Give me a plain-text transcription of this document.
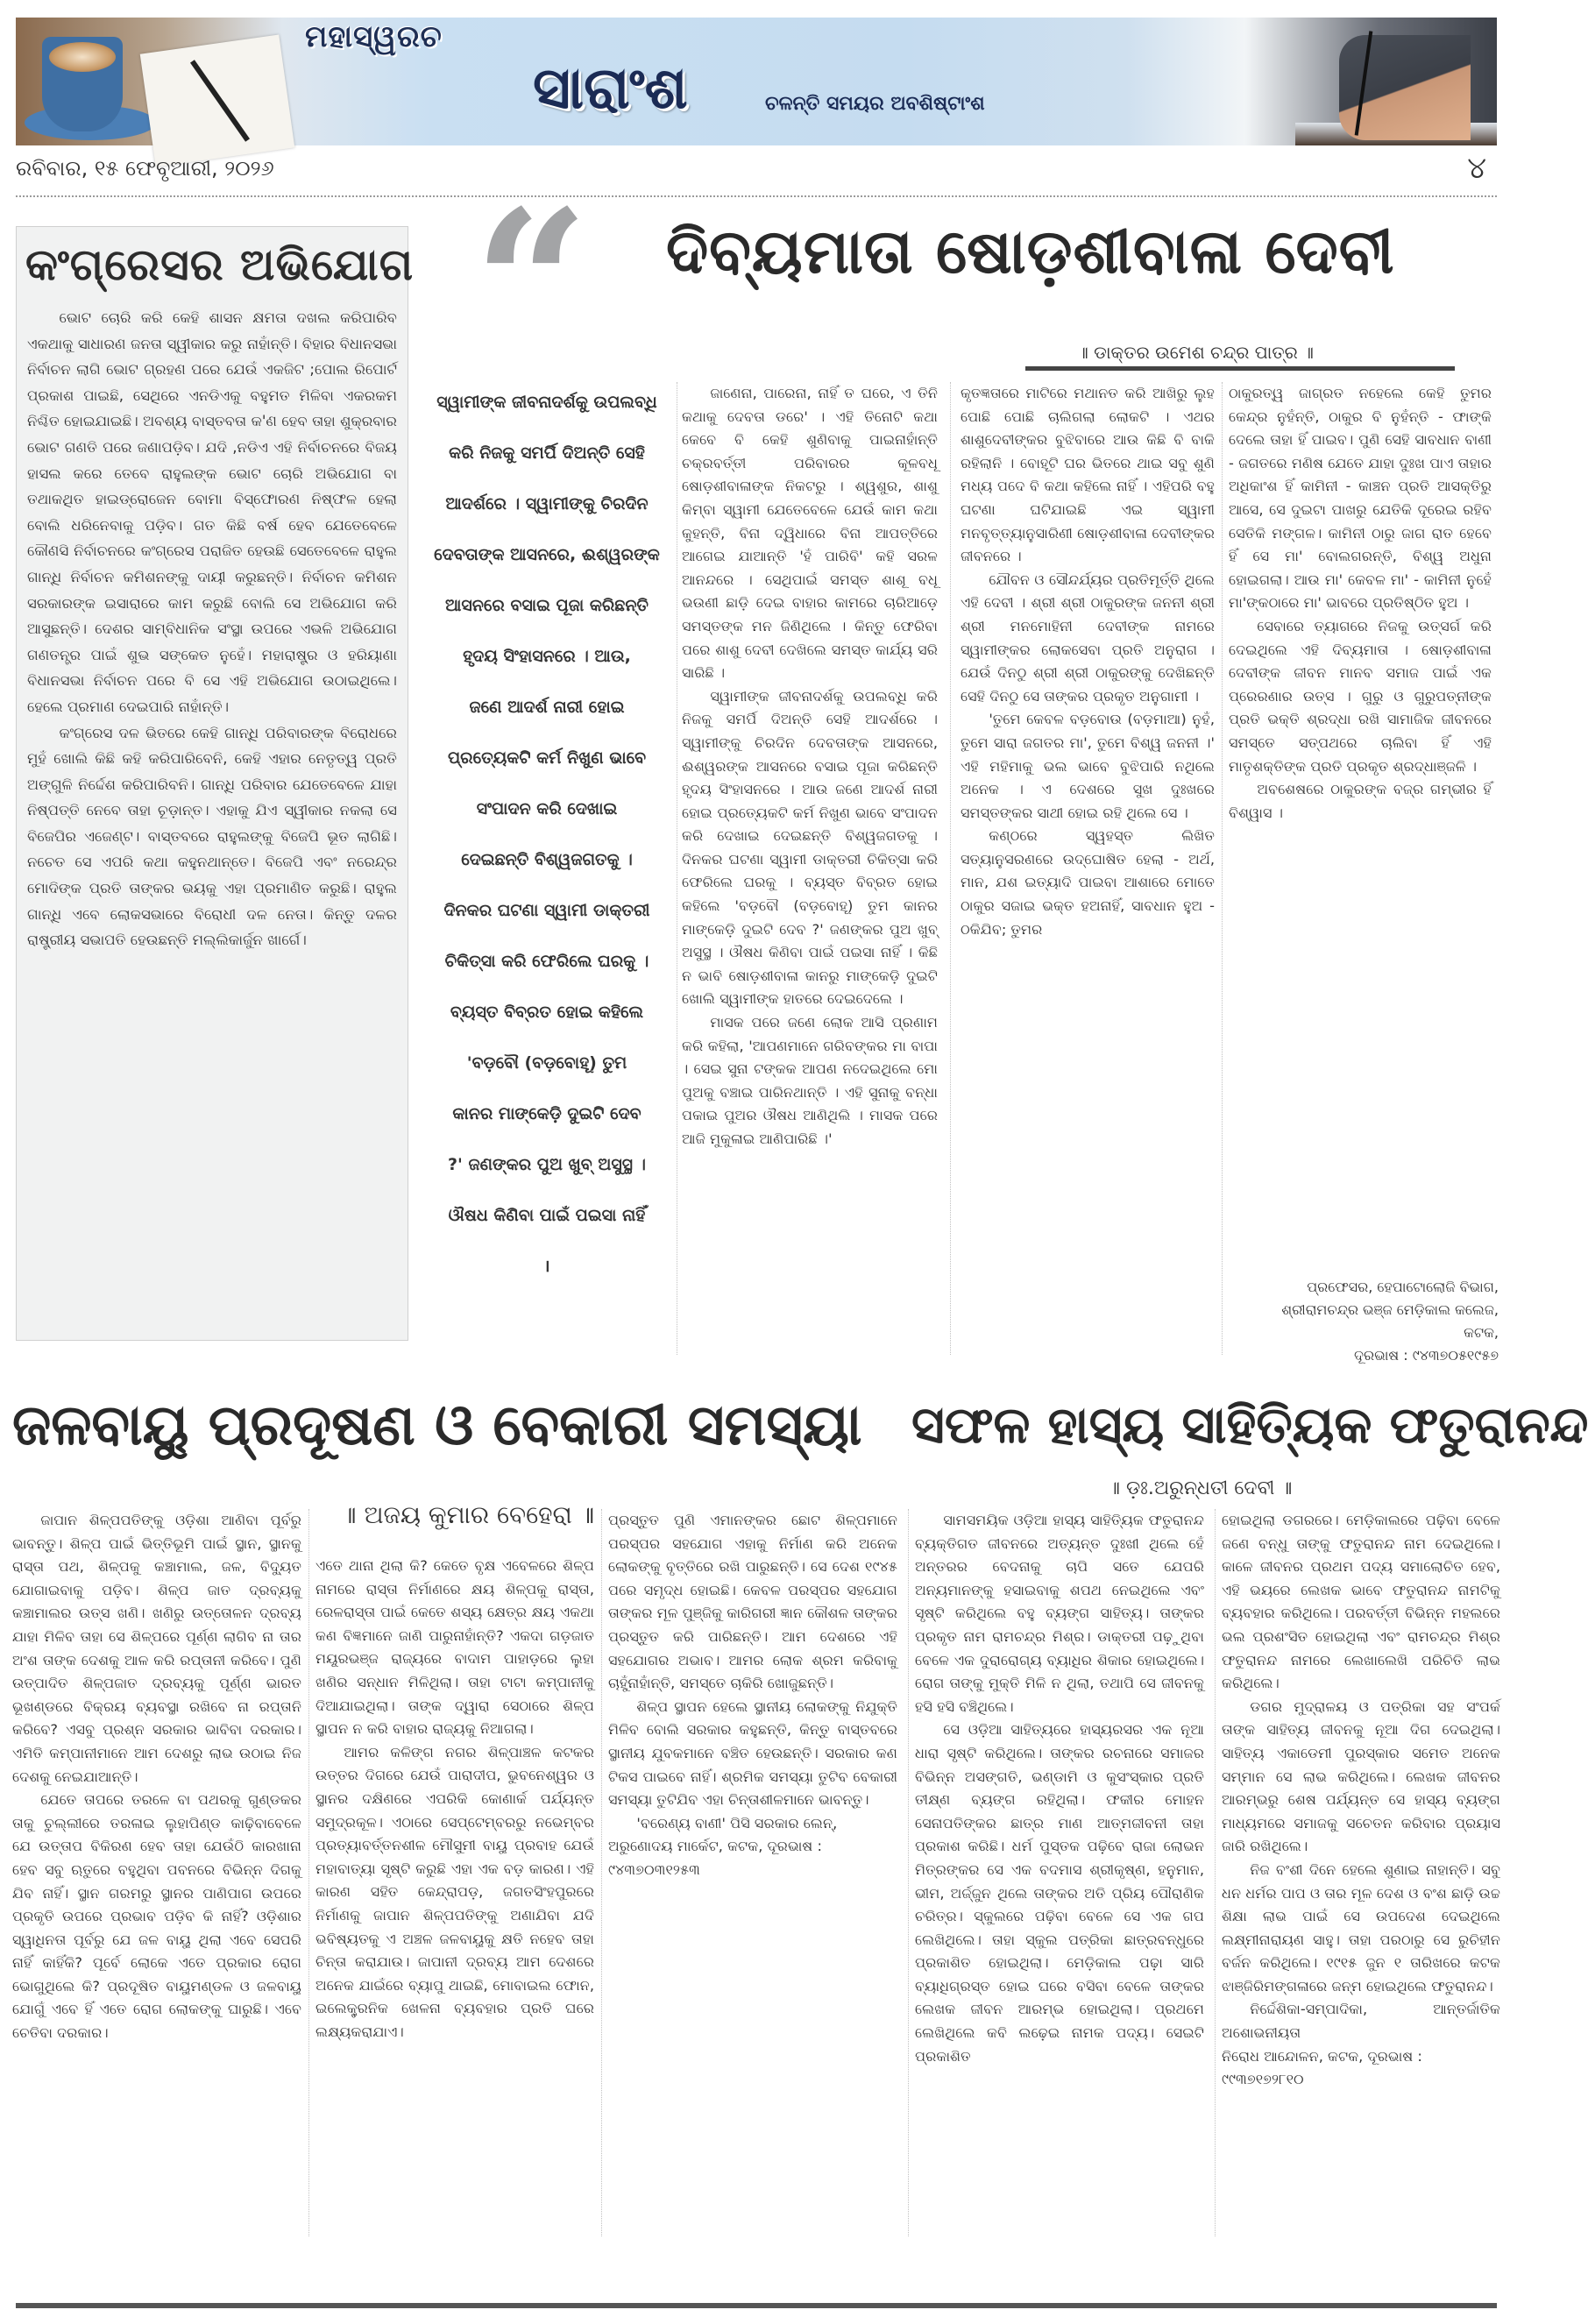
ମହାସ୍ୱରଚ
ସାରାଂଶ	ଚଳନ୍ତି ସମୟର ଅବଶିଷ୍ଟାଂଶ
ରବିବାର, ୧୫ ଫେବୃଆରୀ, ୨୦୨୬	୪
କଂଗ୍ରେସର ଅଭିଯୋଗ

ଭୋଟ ଚୋରି କରି କେହି ଶାସନ କ୍ଷମତା ଦଖଲ କରିପାରିବ ଏକଥାକୁ ସାଧାରଣ ଜନତା ସ୍ୱୀକାର କରୁ ନାହାଁନ୍ତି। ବିହାର ବିଧାନସଭା ନିର୍ବାଚନ ଲାଗି ଭୋଟ ଗ୍ରହଣ ପରେ ଯେଉଁ ଏକଜିଟ ;ପୋଲ ରିପୋର୍ଟ ପ୍ରକାଶ ପାଇଛି, ସେଥିରେ ଏନଡିଏକୁ ବହୁମତ ମିଳିବା ଏକରକମ ନିଶ୍ଚିତ ହୋଇଯାଇଛି। ଅବଶ୍ୟ ବାସ୍ତବତା କ'ଣ ହେବ ତାହା ଶୁକ୍ରବାର ଭୋଟ ଗଣତି ପରେ ଜଣାପଡ଼ିବ। ଯଦି ,ନଡିଏ ଏହି ନିର୍ବାଚନରେ ବିଜୟ ହାସଲ କରେ ତେବେ ରାହୁଲଙ୍କ ଭୋଟ ଚୋରି ଅଭିଯୋଗ ବା ତଥାକଥିତ ହାଇଡ୍ରୋଜେନ ବୋମା ବିସ୍ଫୋରଣ ନିଷ୍ଫଳ ହେଲା ବୋଲି ଧରିନେବାକୁ ପଡ଼ିବ। ଗତ କିଛି ବର୍ଷ ହେବ ଯେତେବେଳେ କୌଣସି ନିର୍ବାଚନରେ କଂଗ୍ରେସ ପରାଜିତ ହେଉଛି ସେତେବେଳେ ରାହୁଲ ଗାନ୍ଧି ନିର୍ବାଚନ କମିଶନଙ୍କୁ ଦାୟୀ କରୁଛନ୍ତି। ନିର୍ବାଚନ କମିଶନ ସରକାରଙ୍କ ଇସାରାରେ କାମ କରୁଛି ବୋଲି ସେ ଅଭିଯୋଗ କରି ଆସୁଛନ୍ତି। ଦେଶର ସାମ୍ବିଧାନିକ ସଂସ୍ଥା ଉପରେ ଏଭଳି ଅଭିଯୋଗ ଗଣତନ୍ତ୍ର ପାଇଁ ଶୁଭ ସଙ୍କେତ ନୁହେଁ। ମହାରାଷ୍ଟ୍ର ଓ ହରିୟାଣା ବିଧାନସଭା ନିର୍ବାଚନ ପରେ ବି ସେ ଏହି ଅଭିଯୋଗ ଉଠାଇଥିଲେ। ହେଲେ ପ୍ରମାଣ ଦେଇପାରି ନାହାଁନ୍ତି।

କଂଗ୍ରେସ ଦଳ ଭିତରେ କେହି ଗାନ୍ଧି ପରିବାରଙ୍କ ବିରୋଧରେ ମୁହଁ ଖୋଲି କିଛି କହି କରିପାରିବେନି, କେହି ଏହାର ନେତୃତ୍ୱ ପ୍ରତି ଅଙ୍ଗୁଳି ନିର୍ଦ୍ଦେଶ କରିପାରିବନି। ଗାନ୍ଧି ପରିବାର ଯେତେବେଳେ ଯାହା ନିଷ୍ପତ୍ତି ନେବେ ତାହା ଚୂଡ଼ାନ୍ତ। ଏହାକୁ ଯିଏ ସ୍ୱୀକାର ନକଲା ସେ ବିଜେପିର ଏଜେଣ୍ଟ। ବାସ୍ତବରେ ରାହୁଲଙ୍କୁ ବିଜେପି ଭୂତ ଲାଗିଛି। ନଚେତ ସେ ଏପରି କଥା କହୁନଥାନ୍ତେ। ବିଜେପି ଏବଂ ନରେନ୍ଦ୍ର ମୋଦିଙ୍କ ପ୍ରତି ତାଙ୍କର ଭୟକୁ ଏହା ପ୍ରମାଣିତ କରୁଛି। ରାହୁଲ ଗାନ୍ଧି ଏବେ ଲୋକସଭାରେ ବିରୋଧୀ ଦଳ ନେତା। କିନ୍ତୁ ଦଳର ରାଷ୍ଟ୍ରୀୟ ସଭାପତି ହେଉଛନ୍ତି ମଲ୍ଲିକାର୍ଜୁନ ଖାର୍ଗେ।

“ ଦିବ୍ୟମାତା ଷୋଡ଼ଶୀବାଳା ଦେବୀ
॥ ଡାକ୍ତର ଉମେଶ ଚନ୍ଦ୍ର ପାତ୍ର ॥
ସ୍ୱାମୀଙ୍କ ଜୀବନାଦର୍ଶକୁ ଉପଲବ୍ଧି
କରି ନିଜକୁ ସମର୍ପି ଦିଅନ୍ତି ସେହି
ଆଦର୍ଶରେ । ସ୍ୱାମୀଙ୍କୁ ଚିରଦିନ
ଦେବତାଙ୍କ ଆସନରେ, ଈଶ୍ୱରଙ୍କ
ଆସନରେ ବସାଇ ପୂଜା କରିଛନ୍ତି
ହୃଦୟ ସିଂହାସନରେ । ଆଉ,
ଜଣେ ଆଦର୍ଶ ନାରୀ ହୋଇ
ପ୍ରତ୍ୟେକଟି କର୍ମ ନିଖୁଣ ଭାବେ
ସଂପାଦନ କରି ଦେଖାଇ
ଦେଇଛନ୍ତି ବିଶ୍ୱଜଗତକୁ ।
ଦିନକର ଘଟଣା ସ୍ୱାମୀ ଡାକ୍ତରୀ
ଚିକିତ୍ସା କରି ଫେରିଲେ ଘରକୁ ।
ବ୍ୟସ୍ତ ବିବ୍ରତ ହୋଇ କହିଲେ
'ବଡ଼ବୌ (ବଡ଼ବୋହୂ) ତୁମ
କାନର ମାଙ୍କେଡ଼ି ଦୁଇଟି ଦେବ
?' ଜଣଙ୍କର ପୁଅ ଖୁବ୍ ଅସୁସ୍ଥ ।
ଔଷଧ କିଣିବା ପାଇଁ ପଇସା ନାହିଁ
।

ଜାଣେନା, ପାରେନା, ନାହିଁ ତ ଘରେ, ଏ ତିନି କଥାକୁ ଦେବତା ଡରେ' । ଏହି ତିନୋଟି କଥା କେବେ ବି କେହି ଶୁଣିବାକୁ ପାଇନାହାଁନ୍ତି ଚକ୍ରବର୍ତ୍ତୀ ପରିବାରର କୂଳବଧୂ ଷୋଡ଼ଶୀବାଳାଙ୍କ ନିକଟରୁ । ଶ୍ୱଶୁର, ଶାଶୁ କିମ୍ବା ସ୍ୱାମୀ ଯେତେବେଳେ ଯେଉଁ କାମ କଥା କୁହନ୍ତି, ବିନା ଦ୍ୱିଧାରେ ବିନା ଆପତ୍ତିରେ ଆଗେଇ ଯାଆନ୍ତି 'ହଁ ପାରିବି' କହି ସରଳ ଆନନ୍ଦରେ । ସେଥିପାଇଁ ସମସ୍ତ ଶାଶୂ ବଧୂ ଭଉଣୀ ଛାଡ଼ି ଦେଇ ବାହାର କାମରେ ଚାରିଆଡ଼େ ସମସ୍ତଙ୍କ ମନ ଜିଣିଥିଲେ । କିନ୍ତୁ ଫେରିବା ପରେ ଶାଶୁ ଦେବୀ ଦେଖିଲେ ସମସ୍ତ କାର୍ଯ୍ୟ ସରି ସାରିଛି ।

ସ୍ୱାମୀଙ୍କ ଜୀବନାଦର୍ଶକୁ ଉପଲବ୍ଧି କରି ନିଜକୁ ସମର୍ପି ଦିଅନ୍ତି ସେହି ଆଦର୍ଶରେ । ସ୍ୱାମୀଙ୍କୁ ଚିରଦିନ ଦେବତାଙ୍କ ଆସନରେ, ଈଶ୍ୱରଙ୍କ ଆସନରେ ବସାଇ ପୂଜା କରିଛନ୍ତି ହୃଦୟ ସିଂହାସନରେ । ଆଉ ଜଣେ ଆଦର୍ଶ ନାରୀ ହୋଇ ପ୍ରତ୍ୟେକଟି କର୍ମ ନିଖୁଣ ଭାବେ ସଂପାଦନ କରି ଦେଖାଇ ଦେଇଛନ୍ତି ବିଶ୍ୱଜଗତକୁ । ଦିନକର ଘଟଣା ସ୍ୱାମୀ ଡାକ୍ତରୀ ଚିକିତ୍ସା କରି ଫେରିଲେ ଘରକୁ । ବ୍ୟସ୍ତ ବିବ୍ରତ ହୋଇ କହିଲେ 'ବଡ଼ବୌ (ବଡ଼ବୋହୂ) ତୁମ କାନର ମାଙ୍କେଡ଼ି ଦୁଇଟି ଦେବ ?' ଜଣଙ୍କର ପୁଅ ଖୁବ୍ ଅସୁସ୍ଥ । ଔଷଧ କିଣିବା ପାଇଁ ପଇସା ନାହିଁ । କିଛି ନ ଭାବି ଷୋଡ଼ଶୀବାଳା କାନରୁ ମାଙ୍କେଡ଼ି ଦୁଇଟି ଖୋଲି ସ୍ୱାମୀଙ୍କ ହାତରେ ଦେଇଦେଲେ ।

ମାସକ ପରେ ଜଣେ ଲୋକ ଆସି ପ୍ରଣାମ କରି କହିଲା, 'ଆପଣମାନେ ଗରିବଙ୍କର ମା ବାପା । ସେଇ ସୁନା ଟଙ୍କକ ଆପଣ ନଦେଇଥିଲେ ମୋ ପୁଅକୁ ବଞ୍ଚାଇ ପାରିନଥାନ୍ତି । ଏହି ସୁନାକୁ ବନ୍ଧା ପକାଇ ପୁଅର ଔଷଧ ଆଣିଥିଲି । ମାସକ ପରେ ଆଜି ମୁକୁଳାଇ ଆଣିପାରିଛି ।'

କୃତଜ୍ଞତାରେ ମାଟିରେ ମଥାନତ କରି ଆଖିରୁ ଲୁହ ପୋଛି ପୋଛି ଚାଲିଗଲା ଲୋକଟି । ଏଥର ଶାଶୁଦେବୀଙ୍କର ବୁଝିବାରେ ଆଉ କିଛି ବି ବାକି ରହିଲାନି । ବୋହୂଟି ଘର ଭିତରେ ଥାଇ ସବୁ ଶୁଣି ମଧ୍ୟ ପଦେ ବି କଥା କହିଲେ ନାହିଁ । ଏହିପରି ବହୁ ଘଟଣା ଘଟିଯାଇଛି ଏଇ ସ୍ୱାମୀ ମନବୃତ୍ତ୍ୟାନୁସାରିଣୀ ଷୋଡ଼ଶୀବାଳା ଦେବୀଙ୍କର ଜୀବନରେ ।

ଯୌବନ ଓ ସୌନ୍ଦର୍ଯ୍ୟର ପ୍ରତିମୂର୍ତ୍ତି ଥିଲେ ଏହି ଦେବୀ । ଶ୍ରୀ ଶ୍ରୀ ଠାକୁରଙ୍କ ଜନନୀ ଶ୍ରୀ ଶ୍ରୀ ମନମୋହିନୀ ଦେବୀଙ୍କ ନାମରେ ସ୍ୱାମୀଙ୍କର ଲୋକସେବା ପ୍ରତି ଅନୁରାଗ । ଯେଉଁ ଦିନଠୁ ଶ୍ରୀ ଶ୍ରୀ ଠାକୁରଙ୍କୁ ଦେଖିଛନ୍ତି ସେହି ଦିନଠୁ ସେ ତାଙ୍କର ପ୍ରକୃତ ଅନୁଗାମୀ ।

'ତୁମେ କେବଳ ବଡ଼ବୋଉ (ବଡ଼ମାଆ) ନୁହଁ, ତୁମେ ସାରା ଜଗତର ମା', ତୁମେ ବିଶ୍ୱ ଜନନୀ ।' ଏହି ମହିମାକୁ ଭଲ ଭାବେ ବୁଝିପାରି ନଥିଲେ ଅନେକ । ଏ ଦେଶରେ ସୁଖ ଦୁଃଖରେ ସମସ୍ତଙ୍କର ସାଥୀ ହୋଇ ରହି ଥିଲେ ସେ ।

କଣ୍ଠରେ ସ୍ୱହସ୍ତ ଲିଖିତ ସତ୍ୟାନୁସରଣରେ ଉଦ୍‌ଘୋଷିତ ହେଲା - ଅର୍ଥ, ମାନ, ଯଶ ଇତ୍ୟାଦି ପାଇବା ଆଶାରେ ମୋତେ ଠାକୁର ସଜାଇ ଭକ୍ତ ହଅନାହିଁ, ସାବଧାନ ହୁଅ - ଠକିଯିବ; ତୁମର

ଠାକୁରତ୍ୱ ଜାଗ୍ରତ ନହେଲେ କେହି ତୁମର କେନ୍ଦ୍ର ନୁହଁନ୍ତି, ଠାକୁର ବି ନୁହଁନ୍ତି - ଫାଙ୍କି ଦେଲେ ତାହା ହିଁ ପାଇବ। ପୁଣି ସେହି ସାବଧାନ ବାଣୀ - ଜଗତରେ ମଣିଷ ଯେତେ ଯାହା ଦୁଃଖ ପାଏ ତାହାର ଅଧିକାଂଶ ହିଁ କାମିନୀ - କାଞ୍ଚନ ପ୍ରତି ଆସକ୍ତିରୁ ଆସେ, ସେ ଦୁଇଟା ପାଖରୁ ଯେତିକି ଦୂରେଇ ରହିବ ସେତିକି ମଙ୍ଗଳ। କାମିନୀ ଠାରୁ ଜାଗ ରାତ ହେବେ ହିଁ ସେ ମା' ବୋଲଗରନ୍ତି, ବିଶ୍ୱ ଅଧୁନା ହୋଇଗଲା। ଆଉ ମା' କେବଳ ମା' - କାମିନୀ ନୁହେଁ ମା'ଙ୍କଠାରେ ମା' ଭାବରେ ପ୍ରତିଷ୍ଠିତ ହୁଅ ।

ସେବାରେ ତ୍ୟାଗରେ ନିଜକୁ ଉତ୍ସର୍ଗ କରି ଦେଇଥିଲେ ଏହି ଦିବ୍ୟମାତା । ଷୋଡ଼ଶୀବାଳା ଦେବୀଙ୍କ ଜୀବନ ମାନବ ସମାଜ ପାଇଁ ଏକ ପ୍ରେରଣାର ଉତ୍ସ । ଗୁରୁ ଓ ଗୁରୁପତ୍ନୀଙ୍କ ପ୍ରତି ଭକ୍ତି ଶ୍ରଦ୍ଧା ରଖି ସାମାଜିକ ଜୀବନରେ ସମସ୍ତେ ସତ୍‌ପଥରେ ଚାଲିବା ହିଁ ଏହି ମାତୃଶକ୍ତିଙ୍କ ପ୍ରତି ପ୍ରକୃତ ଶ୍ରଦ୍ଧାଞ୍ଜଳି ।

ଅବଶେଷରେ ଠାକୁରଙ୍କ ବଜ୍ର ଗମ୍ଭୀର ହିଁ ବିଶ୍ୱାସ ।

ପ୍ରଫେସର, ହେପାଟୋଲୋଜି ବିଭାଗ,
ଶ୍ରୀରାମଚନ୍ଦ୍ର ଭଞ୍ଜ ମେଡ଼ିକାଲ କଲେଜ, କଟକ,
ଦୂରଭାଷ : ୯୪୩୭୦୫୧୯୫୭
ଜଳବାୟୁ ପ୍ରଦୂଷଣ ଓ ବେକାରୀ ସମସ୍ୟା ସଫଳ ହାସ୍ୟ ସାହିତ୍ୟିକ ଫତୁରାନନ୍ଦ
॥ ଅଜୟ କୁମାର ବେହେରା ॥
॥ ଡ଼ଃ.ଅରୁନ୍ଧତୀ ଦେବୀ ॥

ଜାପାନ ଶିଳ୍ପପତିଙ୍କୁ ଓଡ଼ିଶା ଆଣିବା ପୂର୍ବରୁ ଭାବନ୍ତୁ। ଶିଳ୍ପ ପାଇଁ ଭିତ୍ତିଭୂମି ପାଇଁ ସ୍ଥାନ, ସ୍ଥାନକୁ ରାସ୍ତା ପଥ, ଶିଳ୍ପକୁ କଞ୍ଚାମାଲ, ଜଳ, ବିଦ୍ୟୁତ ଯୋଗାଇବାକୁ ପଡ଼ିବ। ଶିଳ୍ପ ଜାତ ଦ୍ରବ୍ୟକୁ କଞ୍ଚାମାଲର ଉତ୍ସ ଖଣି। ଖଣିରୁ ଉତ୍ତୋଳନ ଦ୍ରବ୍ୟ ଯାହା ମିଳିବ ତାହା ସେ ଶିଳ୍ପରେ ପୂର୍ଣ୍ଣ ଲାଗିବ ନା ତାର ଅଂଶ ତାଙ୍କ ଦେଶକୁ ଆଳ କରି ରପ୍ତାନୀ କରିବେ। ପୁଣି ଉତ୍ପାଦିତ ଶିଳ୍ପଜାତ ଦ୍ରବ୍ୟକୁ ପୂର୍ଣ୍ଣ ଭାରତ ଭୂଖଣ୍ଡରେ ବିକ୍ରୟ ବ୍ୟବସ୍ଥା ରଖିବେ ନା ରପ୍ତାନି କରିବେ? ଏସବୁ ପ୍ରଶ୍ନ ସରକାର ଭାବିବା ଦରକାର। ଏମିତି କମ୍ପାନୀମାନେ ଆମ ଦେଶରୁ ଲାଭ ଉଠାଇ ନିଜ ଦେଶକୁ ନେଇଯାଆନ୍ତି।

ଯେତେ ତାପରେ ତରଳେ ବା ପଥରକୁ ଗୁଣ୍ଡକର ତାକୁ ଚୁଲ୍ଲୀରେ ତରଳାଇ ଲୁହାପିଣ୍ଡ କାଢ଼ିବାବେଳେ ଯେ ଉତ୍ତାପ ବିକିରଣ ହେବ ତାହା ଯେଉଁଠି କାରଖାନା ହେବ ସବୁ ଋତୁରେ ବହୁଥିବା ପବନରେ ବିଭିନ୍ନ ଦିଗକୁ ଯିବ ନାହିଁ। ସ୍ଥାନ ଗରମରୁ ସ୍ଥାନର ପାଣିପାଗ ଉପରେ ପ୍ରକୃତି ଉପରେ ପ୍ରଭାବ ପଡ଼ିବ କି ନାହିଁ? ଓଡ଼ିଶାର ସ୍ୱାଧିନତା ପୂର୍ବରୁ ଯେ ଜଳ ବାୟୁ ଥିଲା ଏବେ ସେପରି ନାହିଁ କାହିଁକି? ପୂର୍ବେ ଲୋକେ ଏତେ ପ୍ରକାର ରୋଗ ଭୋଗୁଥିଲେ କି? ପ୍ରଦୂଷିତ ବାୟୁମଣ୍ଡଳ ଓ ଜଳବାୟୁ ଯୋଗୁଁ ଏବେ ହିଁ ଏତେ ରୋଗ ଲୋକଙ୍କୁ ଘାରୁଛି। ଏବେ ଚେତିବା ଦରକାର।

ଏତେ ଥାନା ଥିଲା କି? କେତେ ବୃକ୍ଷ ଏବେଳରେ ଶିଳ୍ପ ନାମରେ ରାସ୍ତା ନିର୍ମାଣରେ କ୍ଷୟ ଶିଳ୍ପକୁ ରାସ୍ତା, ରେଳରାସ୍ତା ପାଇଁ କେତେ ଶସ୍ୟ କ୍ଷେତ୍ର କ୍ଷୟ ଏକଥା କଣ ବିଜ୍ଞମାନେ ଜାଣି ପାରୁନାହାଁନ୍ତି? ଏକଦା ଗଡ଼ଜାତ ମୟୂରଭଞ୍ଜ ରାଜ୍ୟରେ ବାଦାମ ପାହାଡ଼ରେ ଲୁହା ଖଣିର ସନ୍ଧାନ ମିଳିଥିଲା। ତାହା ଟାଟା କମ୍ପାନୀକୁ ଦିଆଯାଇଥିଲା। ତାଙ୍କ ଦ୍ୱାରା ସେଠାରେ ଶିଳ୍ପ ସ୍ଥାପନ ନ କରି ବାହାର ରାଜ୍ୟକୁ ନିଆଗଲା।

ଆମର କଳିଙ୍ଗ ନଗର ଶିଳ୍ପାଞ୍ଚଳ କଟକର ଉତ୍ତର ଦିଗରେ ଯେଉଁ ପାରାଦୀପ, ଭୁବନେଶ୍ୱର ଓ ସ୍ଥାନର ଦକ୍ଷିଣରେ ଏପରିକି କୋଣାର୍କ ପର୍ଯ୍ୟନ୍ତ ସମୁଦ୍ରକୂଳ। ଏଠାରେ ସେପ୍ଟେମ୍ବରରୁ ନଭେମ୍ବର ପ୍ରତ୍ୟାବର୍ତ୍ତନଶୀଳ ମୌସୁମୀ ବାୟୁ ପ୍ରବାହ ଯେଉଁ ମହାବାତ୍ୟା ସୃଷ୍ଟି କରୁଛି ଏହା ଏକ ବଡ଼ କାରଣ। ଏହି କାରଣ ସହିତ କେନ୍ଦ୍ରାପଡ଼, ଜଗତସିଂହପୁରରେ ନିର୍ମାଣକୁ ଜାପାନ ଶିଳ୍ପପତିଙ୍କୁ ଅଣାଯିବା ଯଦି ଭବିଷ୍ୟତକୁ ଏ ଅଞ୍ଚଳ ଜଳବାୟୁକୁ କ୍ଷତି ନହେବ ତାହା ଚିନ୍ତା କରାଯାଉ। ଜାପାନୀ ଦ୍ରବ୍ୟ ଆମ ଦେଶରେ ଅନେକ ଯାଇଁରେ ବ୍ୟାପୁ ଥାଇଛି, ମୋବାଇଲ ଫୋନ, ଇଲେକ୍ଟ୍ରନିକ ଖେଳନା ବ୍ୟବହାର ପ୍ରତି ଘରେ ଲକ୍ଷ୍ୟକରାଯାଏ।

ପ୍ରସ୍ତୁତ ପୁଣି ଏମାନଙ୍କର ଛୋଟ ଶିଳ୍ପମାନେ ପରସ୍ପର ସହଯୋଗ ଏହାକୁ ନିର୍ମାଣ କରି ଅନେକ ଲୋକଙ୍କୁ ବୃତ୍ତିରେ ରଖି ପାରୁଛନ୍ତି। ସେ ଦେଶ ୧୯୪୫ ପରେ ସମୃଦ୍ଧ ହୋଇଛି। କେବଳ ପରସ୍ପର ସହଯୋଗ ତାଙ୍କର ମୂଳ ପୁଞ୍ଜିକୁ କାରିଗରୀ ଜ୍ଞାନ କୌଶଳ ତାଙ୍କର ପ୍ରସ୍ତୁତ କରି ପାରିଛନ୍ତି। ଆମ ଦେଶରେ ଏହି ସହଯୋଗର ଅଭାବ। ଆମର ଲୋକ ଶ୍ରମ କରିବାକୁ ଚାହୁଁନାହାଁନ୍ତି, ସମସ୍ତେ ଚାକିରି ଖୋଜୁଛନ୍ତି।

ଶିଳ୍ପ ସ୍ଥାପନ ହେଲେ ସ୍ଥାନୀୟ ଲୋକଙ୍କୁ ନିଯୁକ୍ତି ମିଳିବ ବୋଲି ସରକାର କହୁଛନ୍ତି, କିନ୍ତୁ ବାସ୍ତବରେ ସ୍ଥାନୀୟ ଯୁବକମାନେ ବଞ୍ଚିତ ହେଉଛନ୍ତି। ସରକାର କଣ ଟିକସ ପାଇବେ ନାହିଁ। ଶ୍ରମିକ ସମସ୍ୟା ତୁଟିବ ବେକାରୀ ସମସ୍ୟା ତୁଟିଯିବ ଏହା ଚିନ୍ତାଶୀଳମାନେ ଭାବନ୍ତୁ।

'ବରେଣ୍ୟ ବାଣୀ' ପିସି ସରକାର ଲେନ୍,

ଅରୁଣୋଦୟ ମାର୍କେଟ, କଟକ, ଦୂରଭାଷ :

୯୪୩୭୦୩୧୨୫୩

ସାମସମୟିକ ଓଡ଼ିଆ ହାସ୍ୟ ସାହିତ୍ୟିକ ଫତୁରାନନ୍ଦ ବ୍ୟକ୍ତିଗତ ଜୀବନରେ ଅତ୍ୟନ୍ତ ଦୁଃଖୀ ଥିଲେ ହେଁ ଅନ୍ତରର ବେଦନାକୁ ଚାପି ସତେ ଯେପରି ଅନ୍ୟମାନଙ୍କୁ ହସାଇବାକୁ ଶପଥ ନେଇଥିଲେ ଏବଂ ସୃଷ୍ଟି କରିଥିଲେ ବହୁ ବ୍ୟଙ୍ଗ ସାହିତ୍ୟ। ତାଙ୍କର ପ୍ରକୃତ ନାମ ରାମଚନ୍ଦ୍ର ମିଶ୍ର। ଡାକ୍ତରୀ ପଢ଼ୁଥିବା ବେଳେ ଏକ ଦୁରାରୋଗ୍ୟ ବ୍ୟାଧିର ଶିକାର ହୋଇଥିଲେ। ରୋଗ ତାଙ୍କୁ ମୁକ୍ତି ମିଳି ନ ଥିଲା, ତଥାପି ସେ ଜୀବନକୁ ହସି ହସି ବଞ୍ଚିଥିଲେ।

ସେ ଓଡ଼ିଆ ସାହିତ୍ୟରେ ହାସ୍ୟରସର ଏକ ନୂଆ ଧାରା ସୃଷ୍ଟି କରିଥିଲେ। ତାଙ୍କର ରଚନାରେ ସମାଜର ବିଭିନ୍ନ ଅସଙ୍ଗତି, ଭଣ୍ଡାମି ଓ କୁସଂସ୍କାର ପ୍ରତି ତୀକ୍ଷ୍ଣ ବ୍ୟଙ୍ଗ ରହିଥିଲା। ଫକୀର ମୋହନ ସେନାପତିଙ୍କର ଛାତ୍ର ମାଣ ଆତ୍ମଜୀବନୀ ତାହା ପ୍ରକାଶ କରିଛି। ଧର୍ମ ପୁସ୍ତକ ପଢ଼ିବେ ରାଜା ଲୋଭନ ମିତ୍ରଙ୍କର ସେ ଏକ ବଦମାସ ଶ୍ରୀକୃଷ୍ଣ, ହନୁମାନ, ଭୀମ, ଅର୍ଜ୍ଜୁନ ଥିଲେ ତାଙ୍କର ଅତି ପ୍ରିୟ ପୌରାଣିକ ଚରିତ୍ର। ସ୍କୁଲରେ ପଢ଼ିବା ବେଳେ ସେ ଏକ ଗପ ଲେଖିଥିଲେ। ତାହା ସ୍କୁଲ ପତ୍ରିକା ଛାତ୍ରବନ୍ଧୁରେ ପ୍ରକାଶିତ ହୋଇଥିଲା। ମେଡ଼ିକାଲ ପଢ଼ା ସାରି ବ୍ୟାଧିଗ୍ରସ୍ତ ହୋଇ ଘରେ ବସିବା ବେଳେ ତାଙ୍କର ଲେଖକ ଜୀବନ ଆରମ୍ଭ ହୋଇଥିଲା। ପ୍ରଥମେ ଲେଖିଥିଲେ କବି ଲଢ଼େଇ ନାମକ ପଦ୍ୟ। ସେଇଟି ପ୍ରକାଶିତ

ହୋଇଥିଲା ଡଗରରେ। ମେଡ଼ିକାଲରେ ପଢ଼ିବା ବେଳେ ଜଣେ ବନ୍ଧୁ ତାଙ୍କୁ ଫତୁରାନନ୍ଦ ନାମ ଦେଇଥିଲେ। କାଳେ ଜୀବନର ପ୍ରଥମ ପଦ୍ୟ ସମାଲୋଚିତ ହେବ, ଏହି ଭୟରେ ଲେଖକ ଭାବେ ଫତୁରାନନ୍ଦ ନାମଟିକୁ ବ୍ୟବହାର କରିଥିଲେ। ପରବର୍ତ୍ତୀ ବିଭିନ୍ନ ମହଲରେ ଭଲ ପ୍ରଶଂସିତ ହୋଇଥିଲା ଏବଂ ରାମଚନ୍ଦ୍ର ମିଶ୍ର ଫତୁରାନନ୍ଦ ନାମରେ ଲେଖାଲେଖି ପରିଚିତି ଲାଭ କରିଥିଲେ।

ଡଗର ମୁଦ୍ରାଳୟ ଓ ପତ୍ରିକା ସହ ସଂପର୍କ ତାଙ୍କ ସାହିତ୍ୟ ଜୀବନକୁ ନୂଆ ଦିଗ ଦେଇଥିଲା। ସାହିତ୍ୟ ଏକାଡେମୀ ପୁରସ୍କାର ସମେତ ଅନେକ ସମ୍ମାନ ସେ ଲାଭ କରିଥିଲେ। ଲେଖକ ଜୀବନର ଆରମ୍ଭରୁ ଶେଷ ପର୍ଯ୍ୟନ୍ତ ସେ ହାସ୍ୟ ବ୍ୟଙ୍ଗ ମାଧ୍ୟମରେ ସମାଜକୁ ସଚେତନ କରିବାର ପ୍ରୟାସ ଜାରି ରଖିଥିଲେ।

ନିଜ ବଂଶୀ ଦିନେ ହେଲେ ଶୁଣାଇ ନାହାନ୍ତି। ସବୁ ଧନ ଧର୍ମର ପାପ ଓ ତାର ମୂଳ ଦେଶ ଓ ବଂଶ ଛାଡ଼ି ଉଚ୍ଚ ଶିକ୍ଷା ଲାଭ ପାଇଁ ସେ ଉପଦେଶ ଦେଇଥିଲେ ଲକ୍ଷ୍ମୀନାରାୟଣ ସାହୁ। ତାହା ପରଠାରୁ ସେ ରୁଚିହୀନ ବର୍ଜନ କରିଥିଲେ। ୧୯୧୫ ଜୁନ ୧ ତାରିଖରେ କଟକ ଝାଞ୍ଜିରିମଙ୍ଗଳାରେ ଜନ୍ମ ହୋଇଥିଲେ ଫତୁରାନନ୍ଦ।

ନିର୍ଦ୍ଦେଶିକା-ସମ୍ପାଦିକା, ଆନ୍ତର୍ଜାତିକ ଅଶୋଭନୀୟତା

ନିରୋଧ ଆନ୍ଦୋଳନ, କଟକ, ଦୂରଭାଷ :

୯୯୩୭୧୭୨୮୧୦
